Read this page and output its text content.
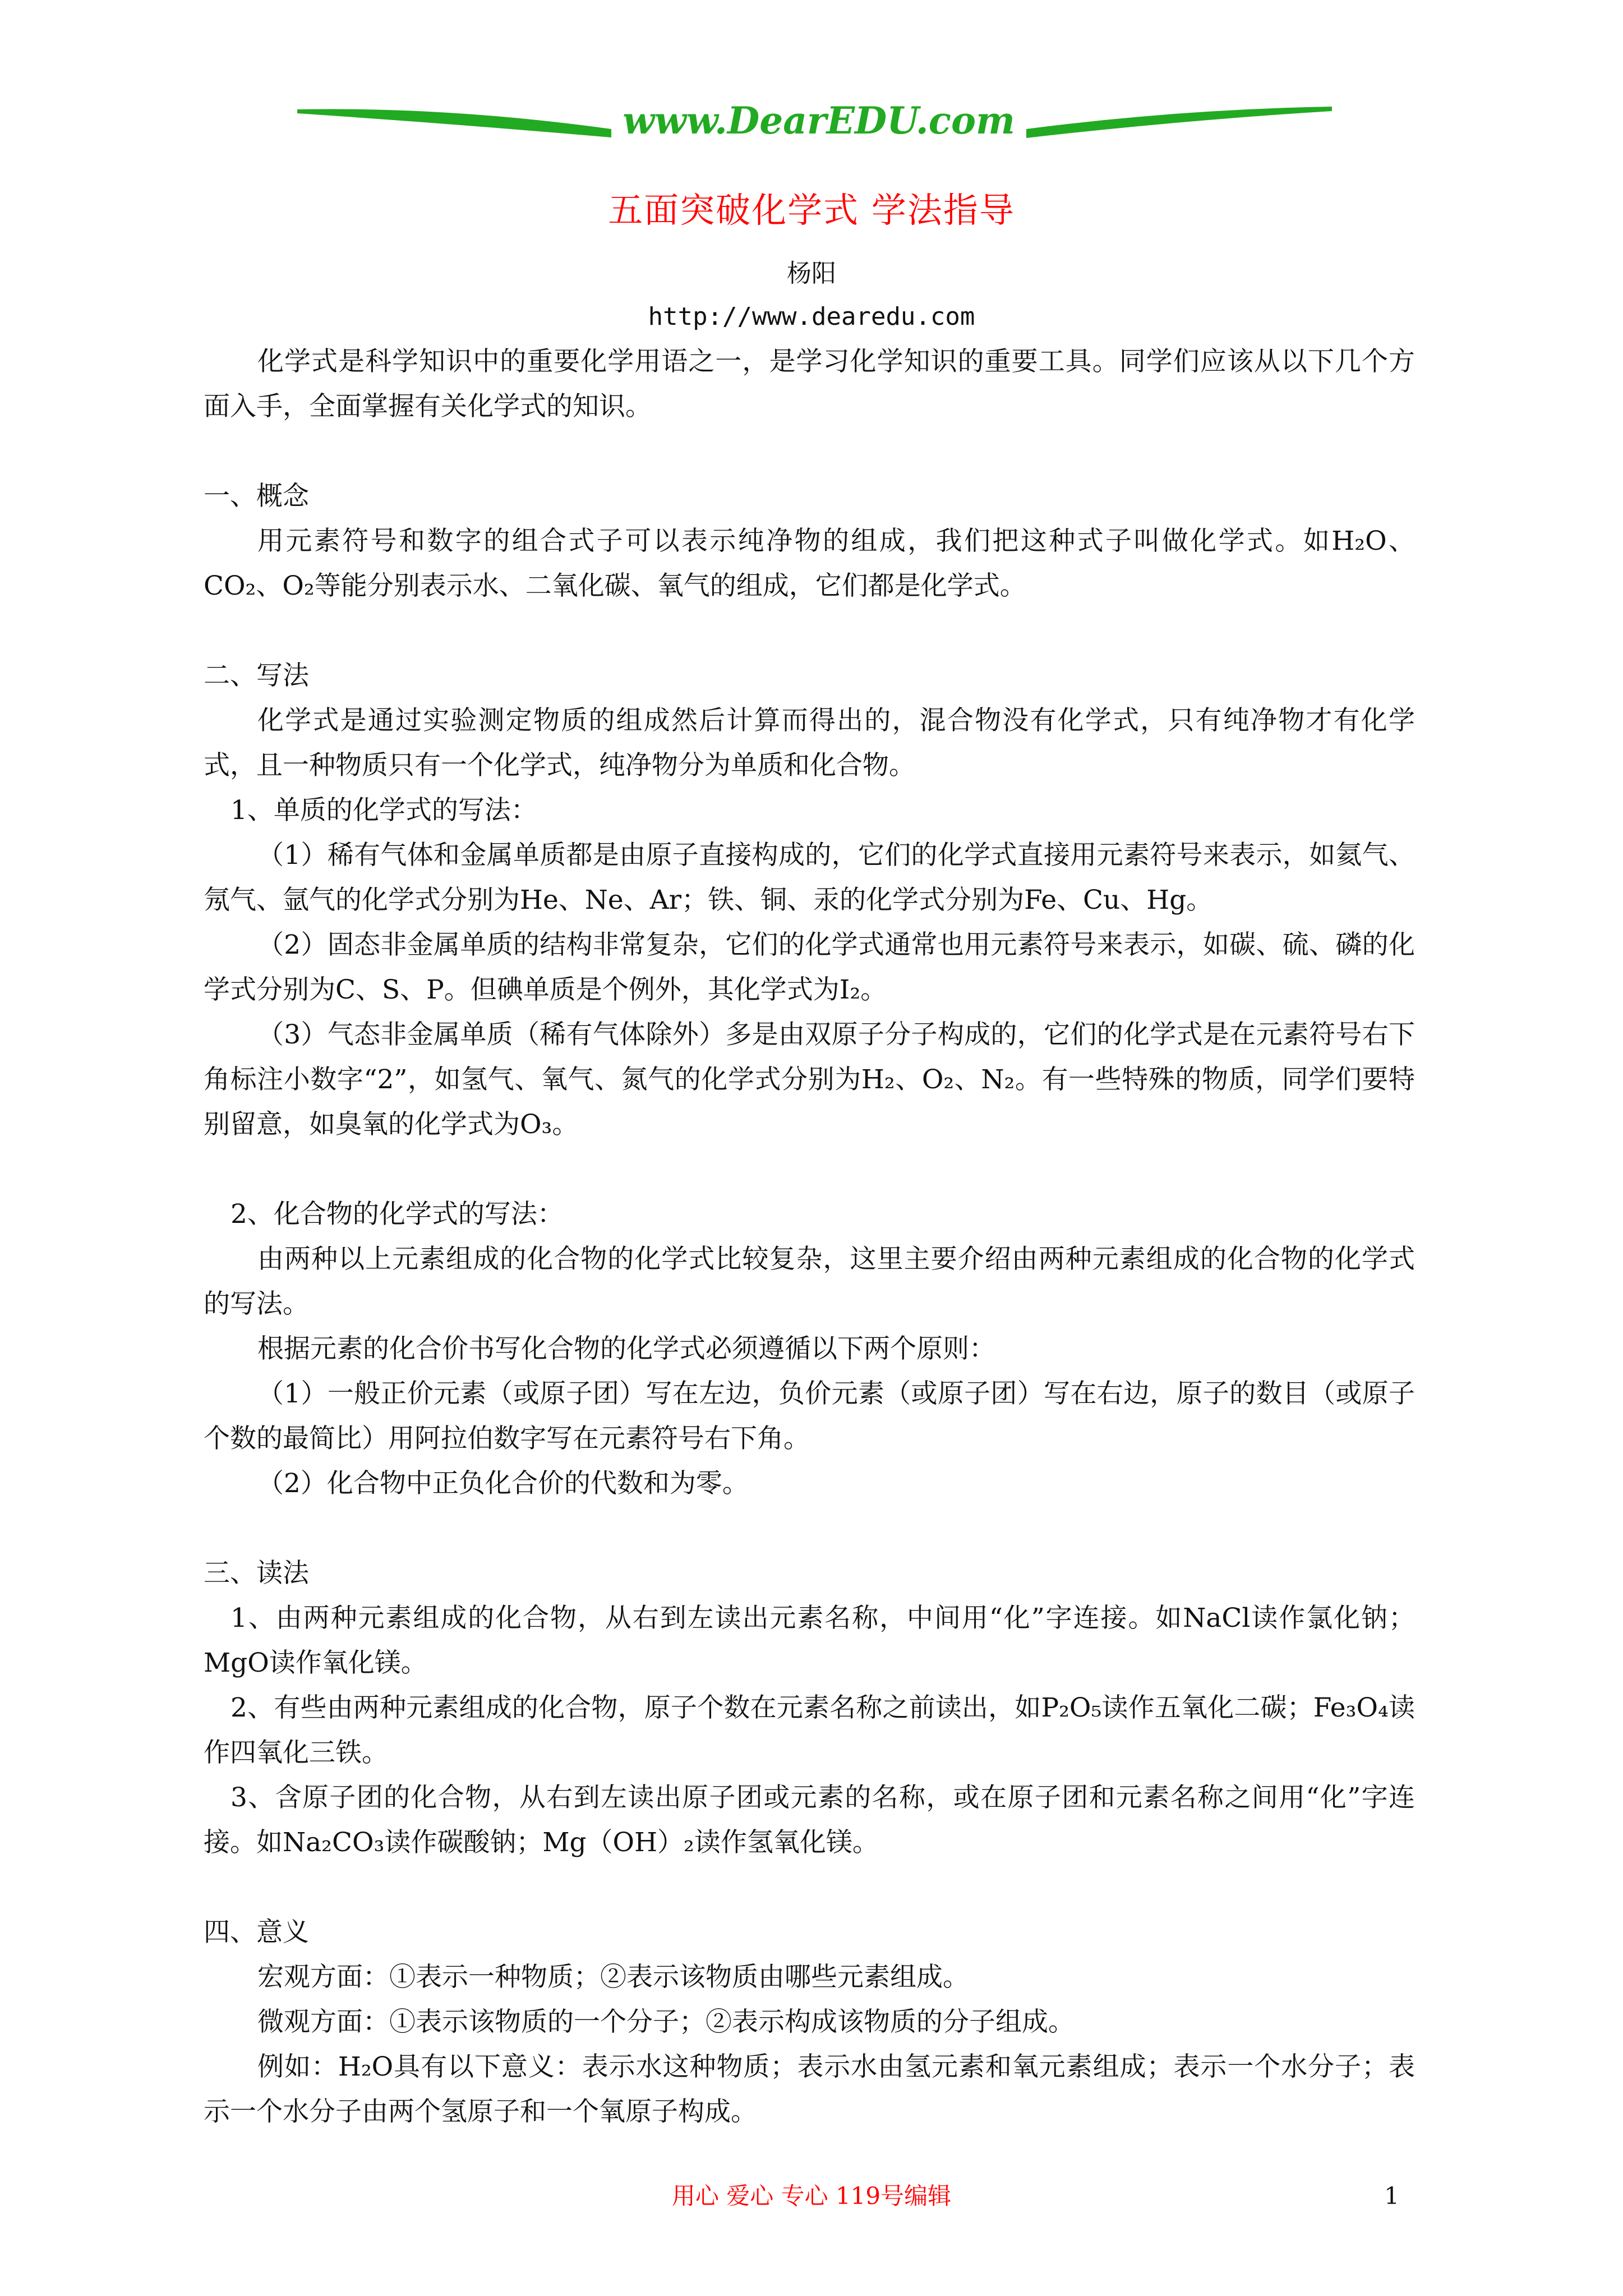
www.DearEDU.com
五面突破化学式 学法指导
杨阳
http://www.dearedu.com

化学式是科学知识中的重要化学用语之一，是学习化学知识的重要工具。同学们应该从以下几个方面入手，全面掌握有关化学式的知识。

一、概念

用元素符号和数字的组合式子可以表示纯净物的组成，我们把这种式子叫做化学式。如H₂O、CO₂、O₂等能分别表示水、二氧化碳、氧气的组成，它们都是化学式。

二、写法

化学式是通过实验测定物质的组成然后计算而得出的，混合物没有化学式，只有纯净物才有化学式，且一种物质只有一个化学式，纯净物分为单质和化合物。

1、单质的化学式的写法：

（1）稀有气体和金属单质都是由原子直接构成的，它们的化学式直接用元素符号来表示，如氦气、氖气、氩气的化学式分别为He、Ne、Ar；铁、铜、汞的化学式分别为Fe、Cu、Hg。

（2）固态非金属单质的结构非常复杂，它们的化学式通常也用元素符号来表示，如碳、硫、磷的化学式分别为C、S、P。但碘单质是个例外，其化学式为I₂。

（3）气态非金属单质（稀有气体除外）多是由双原子分子构成的，它们的化学式是在元素符号右下角标注小数字“2”，如氢气、氧气、氮气的化学式分别为H₂、O₂、N₂。有一些特殊的物质，同学们要特别留意，如臭氧的化学式为O₃。

2、化合物的化学式的写法：

由两种以上元素组成的化合物的化学式比较复杂，这里主要介绍由两种元素组成的化合物的化学式的写法。

根据元素的化合价书写化合物的化学式必须遵循以下两个原则：

（1）一般正价元素（或原子团）写在左边，负价元素（或原子团）写在右边，原子的数目（或原子个数的最简比）用阿拉伯数字写在元素符号右下角。

（2）化合物中正负化合价的代数和为零。

三、读法

1、由两种元素组成的化合物，从右到左读出元素名称，中间用“化”字连接。如NaCl读作氯化钠；MgO读作氧化镁。

2、有些由两种元素组成的化合物，原子个数在元素名称之前读出，如P₂O₅读作五氧化二碳；Fe₃O₄读作四氧化三铁。

3、含原子团的化合物，从右到左读出原子团或元素的名称，或在原子团和元素名称之间用“化”字连接。如Na₂CO₃读作碳酸钠；Mg（OH）₂读作氢氧化镁。

四、意义

宏观方面：①表示一种物质；②表示该物质由哪些元素组成。

微观方面：①表示该物质的一个分子；②表示构成该物质的分子组成。

例如：H₂O具有以下意义：表示水这种物质；表示水由氢元素和氧元素组成；表示一个水分子；表示一个水分子由两个氢原子和一个氧原子构成。

用心 爱心 专心 119号编辑	1
